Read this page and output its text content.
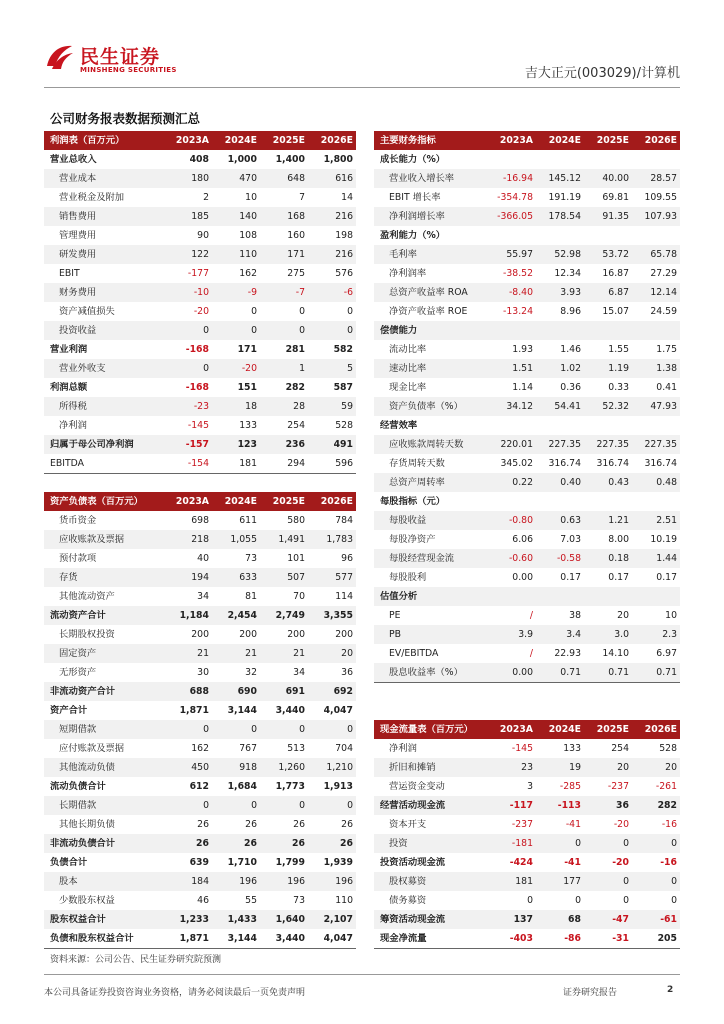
民生证券
MINSHENG SECURITIES	吉大正元(003029)/计算机
公司财务报表数据预测汇总
利润表（百万元）	2023A	2024E	2025E	2026E
营业总收入	408	1,000	1,400	1,800
营业成本	180	470	648	616
营业税金及附加	2	10	7	14
销售费用	185	140	168	216
管理费用	90	108	160	198
研发费用	122	110	171	216
EBIT	-177	162	275	576
财务费用	-10	-9	-7	-6
资产减值损失	-20	0	0	0
投资收益	0	0	0	0
营业利润	-168	171	281	582
营业外收支	0	-20	1	5
利润总额	-168	151	282	587
所得税	-23	18	28	59
净利润	-145	133	254	528
归属于母公司净利润	-157	123	236	491
EBITDA	-154	181	294	596
资产负债表（百万元）	2023A	2024E	2025E	2026E
货币资金	698	611	580	784
应收账款及票据	218	1,055	1,491	1,783
预付款项	40	73	101	96
存货	194	633	507	577
其他流动资产	34	81	70	114
流动资产合计	1,184	2,454	2,749	3,355
长期股权投资	200	200	200	200
固定资产	21	21	21	20
无形资产	30	32	34	36
非流动资产合计	688	690	691	692
资产合计	1,871	3,144	3,440	4,047
短期借款	0	0	0	0
应付账款及票据	162	767	513	704
其他流动负债	450	918	1,260	1,210
流动负债合计	612	1,684	1,773	1,913
长期借款	0	0	0	0
其他长期负债	26	26	26	26
非流动负债合计	26	26	26	26
负债合计	639	1,710	1,799	1,939
股本	184	196	196	196
少数股东权益	46	55	73	110
股东权益合计	1,233	1,433	1,640	2,107
负债和股东权益合计	1,871	3,144	3,440	4,047
主要财务指标	2023A	2024E	2025E	2026E
成长能力（%）				
营业收入增长率	-16.94	145.12	40.00	28.57
EBIT 增长率	-354.78	191.19	69.81	109.55
净利润增长率	-366.05	178.54	91.35	107.93
盈利能力（%）				
毛利率	55.97	52.98	53.72	65.78
净利润率	-38.52	12.34	16.87	27.29
总资产收益率 ROA	-8.40	3.93	6.87	12.14
净资产收益率 ROE	-13.24	8.96	15.07	24.59
偿债能力				
流动比率	1.93	1.46	1.55	1.75
速动比率	1.51	1.02	1.19	1.38
现金比率	1.14	0.36	0.33	0.41
资产负债率（%）	34.12	54.41	52.32	47.93
经营效率				
应收账款周转天数	220.01	227.35	227.35	227.35
存货周转天数	345.02	316.74	316.74	316.74
总资产周转率	0.22	0.40	0.43	0.48
每股指标（元）				
每股收益	-0.80	0.63	1.21	2.51
每股净资产	6.06	7.03	8.00	10.19
每股经营现金流	-0.60	-0.58	0.18	1.44
每股股利	0.00	0.17	0.17	0.17
估值分析				
PE	/	38	20	10
PB	3.9	3.4	3.0	2.3
EV/EBITDA	/	22.93	14.10	6.97
股息收益率（%）	0.00	0.71	0.71	0.71
现金流量表（百万元）	2023A	2024E	2025E	2026E
净利润	-145	133	254	528
折旧和摊销	23	19	20	20
营运资金变动	3	-285	-237	-261
经营活动现金流	-117	-113	36	282
资本开支	-237	-41	-20	-16
投资	-181	0	0	0
投资活动现金流	-424	-41	-20	-16
股权募资	181	177	0	0
债务募资	0	0	0	0
筹资活动现金流	137	68	-47	-61
现金净流量	-403	-86	-31	205
资料来源：公司公告、民生证券研究院预测
本公司具备证券投资咨询业务资格，请务必阅读最后一页免责声明	证券研究报告	2
